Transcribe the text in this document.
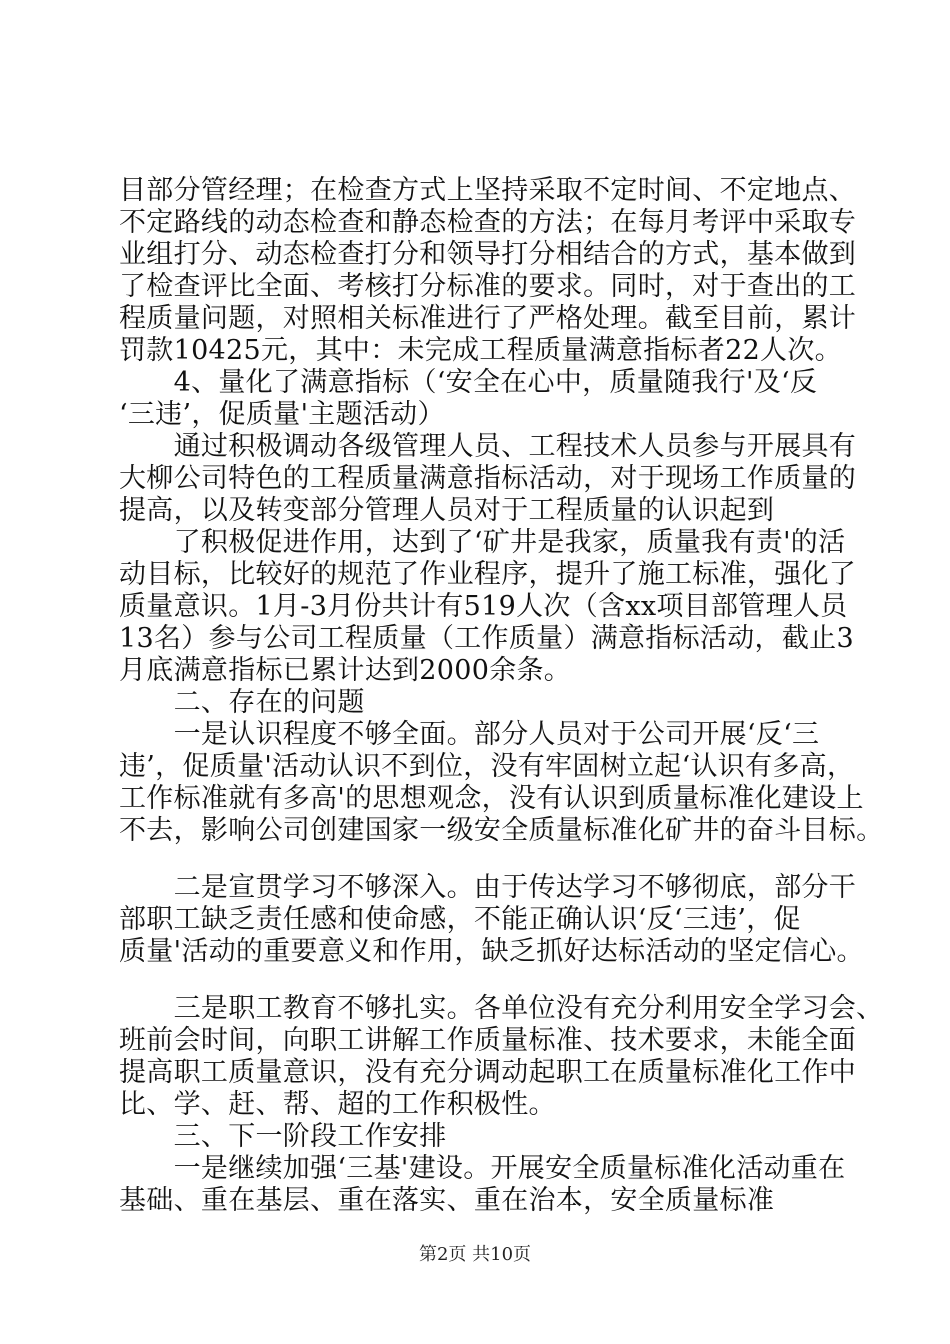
目部分管经理；在检查方式上坚持采取不定时间、不定地点、
不定路线的动态检查和静态检查的方法；在每月考评中采取专
业组打分、动态检查打分和领导打分相结合的方式，基本做到
了检查评比全面、考核打分标准的要求。同时，对于查出的工
程质量问题，对照相关标准进行了严格处理。截至目前，累计
罚款10425元，其中：未完成工程质量满意指标者22人次。
　　4、量化了满意指标（‘安全在心中，质量随我行'及‘反
‘三违’，促质量'主题活动）
　　通过积极调动各级管理人员、工程技术人员参与开展具有
大柳公司特色的工程质量满意指标活动，对于现场工作质量的
提高，以及转变部分管理人员对于工程质量的认识起到
　　了积极促进作用，达到了‘矿井是我家，质量我有责'的活
动目标，比较好的规范了作业程序，提升了施工标准，强化了
质量意识。1月-3月份共计有519人次（含xx项目部管理人员
13名）参与公司工程质量（工作质量）满意指标活动，截止3
月底满意指标已累计达到2000余条。
　　二、存在的问题
　　一是认识程度不够全面。部分人员对于公司开展‘反‘三
违’，促质量'活动认识不到位，没有牢固树立起‘认识有多高，
工作标准就有多高'的思想观念，没有认识到质量标准化建设上
不去，影响公司创建国家一级安全质量标准化矿井的奋斗目标。
　　二是宣贯学习不够深入。由于传达学习不够彻底，部分干
部职工缺乏责任感和使命感，不能正确认识‘反‘三违’，促
质量'活动的重要意义和作用，缺乏抓好达标活动的坚定信心。
　　三是职工教育不够扎实。各单位没有充分利用安全学习会、
班前会时间，向职工讲解工作质量标准、技术要求，未能全面
提高职工质量意识，没有充分调动起职工在质量标准化工作中
比、学、赶、帮、超的工作积极性。
　　三、下一阶段工作安排
　　一是继续加强‘三基'建设。开展安全质量标准化活动重在
基础、重在基层、重在落实、重在治本，安全质量标准
第2页 共10页
